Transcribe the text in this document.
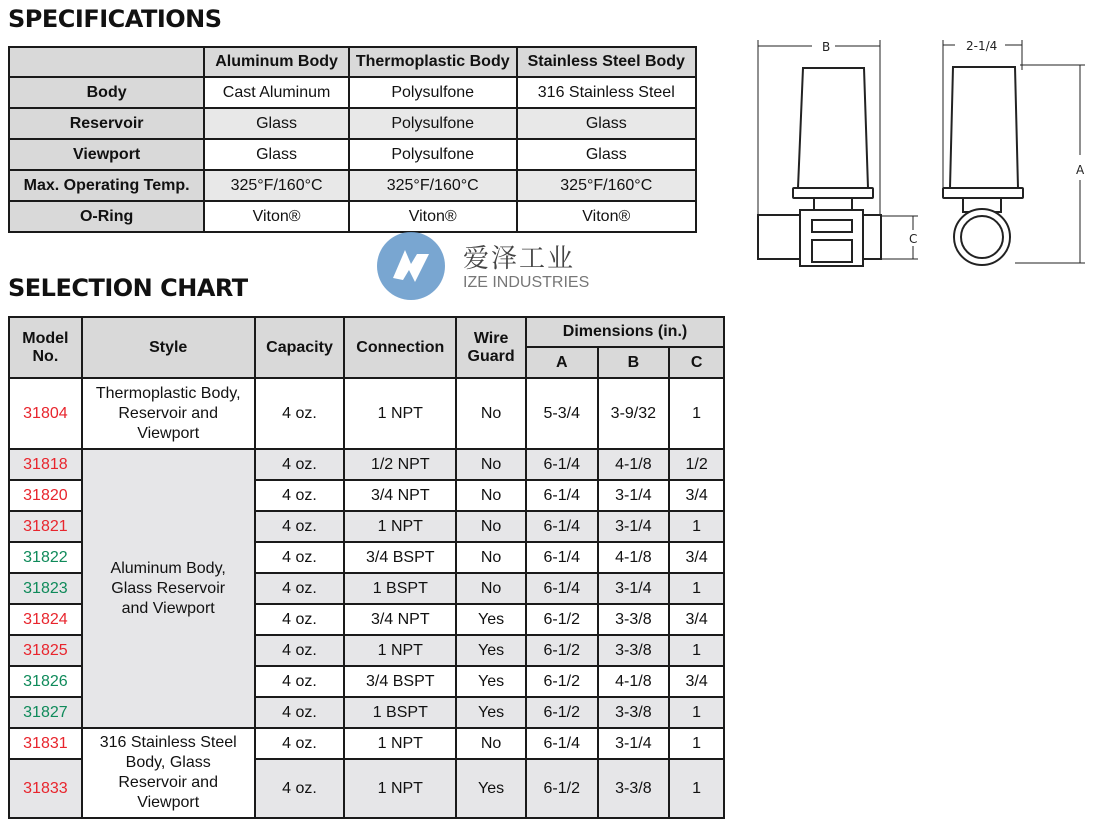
SPECIFICATIONS
	Aluminum Body	Thermoplastic Body	Stainless Steel Body
Body	Cast Aluminum	Polysulfone	316 Stainless Steel
Reservoir	Glass	Polysulfone	Glass
Viewport	Glass	Polysulfone	Glass
Max. Operating Temp.	325°F/160°C	325°F/160°C	325°F/160°C
O-Ring	Viton®	Viton®	Viton®
爱泽工业
IZE INDUSTRIES
SELECTION CHART
Model No.	Style	Capacity	Connection	Wire Guard	Dimensions (in.)		
					A	B	C
31804	Thermoplastic Body, Reservoir and Viewport	4 oz.	1 NPT	No	5-3/4	3-9/32	1
31818	Aluminum Body, Glass Reservoir and Viewport	4 oz.	1/2 NPT	No	6-1/4	4-1/8	1/2
31820		4 oz.	3/4 NPT	No	6-1/4	3-1/4	3/4
31821		4 oz.	1 NPT	No	6-1/4	3-1/4	1
31822		4 oz.	3/4 BSPT	No	6-1/4	4-1/8	3/4
31823		4 oz.	1 BSPT	No	6-1/4	3-1/4	1
31824		4 oz.	3/4 NPT	Yes	6-1/2	3-3/8	3/4
31825		4 oz.	1 NPT	Yes	6-1/2	3-3/8	1
31826		4 oz.	3/4 BSPT	Yes	6-1/2	4-1/8	3/4
31827		4 oz.	1 BSPT	Yes	6-1/2	3-3/8	1
31831	316 Stainless Steel Body, Glass Reservoir and Viewport	4 oz.	1 NPT	No	6-1/4	3-1/4	1
31833		4 oz.	1 NPT	Yes	6-1/2	3-3/8	1
B	2-1/4
A
C
